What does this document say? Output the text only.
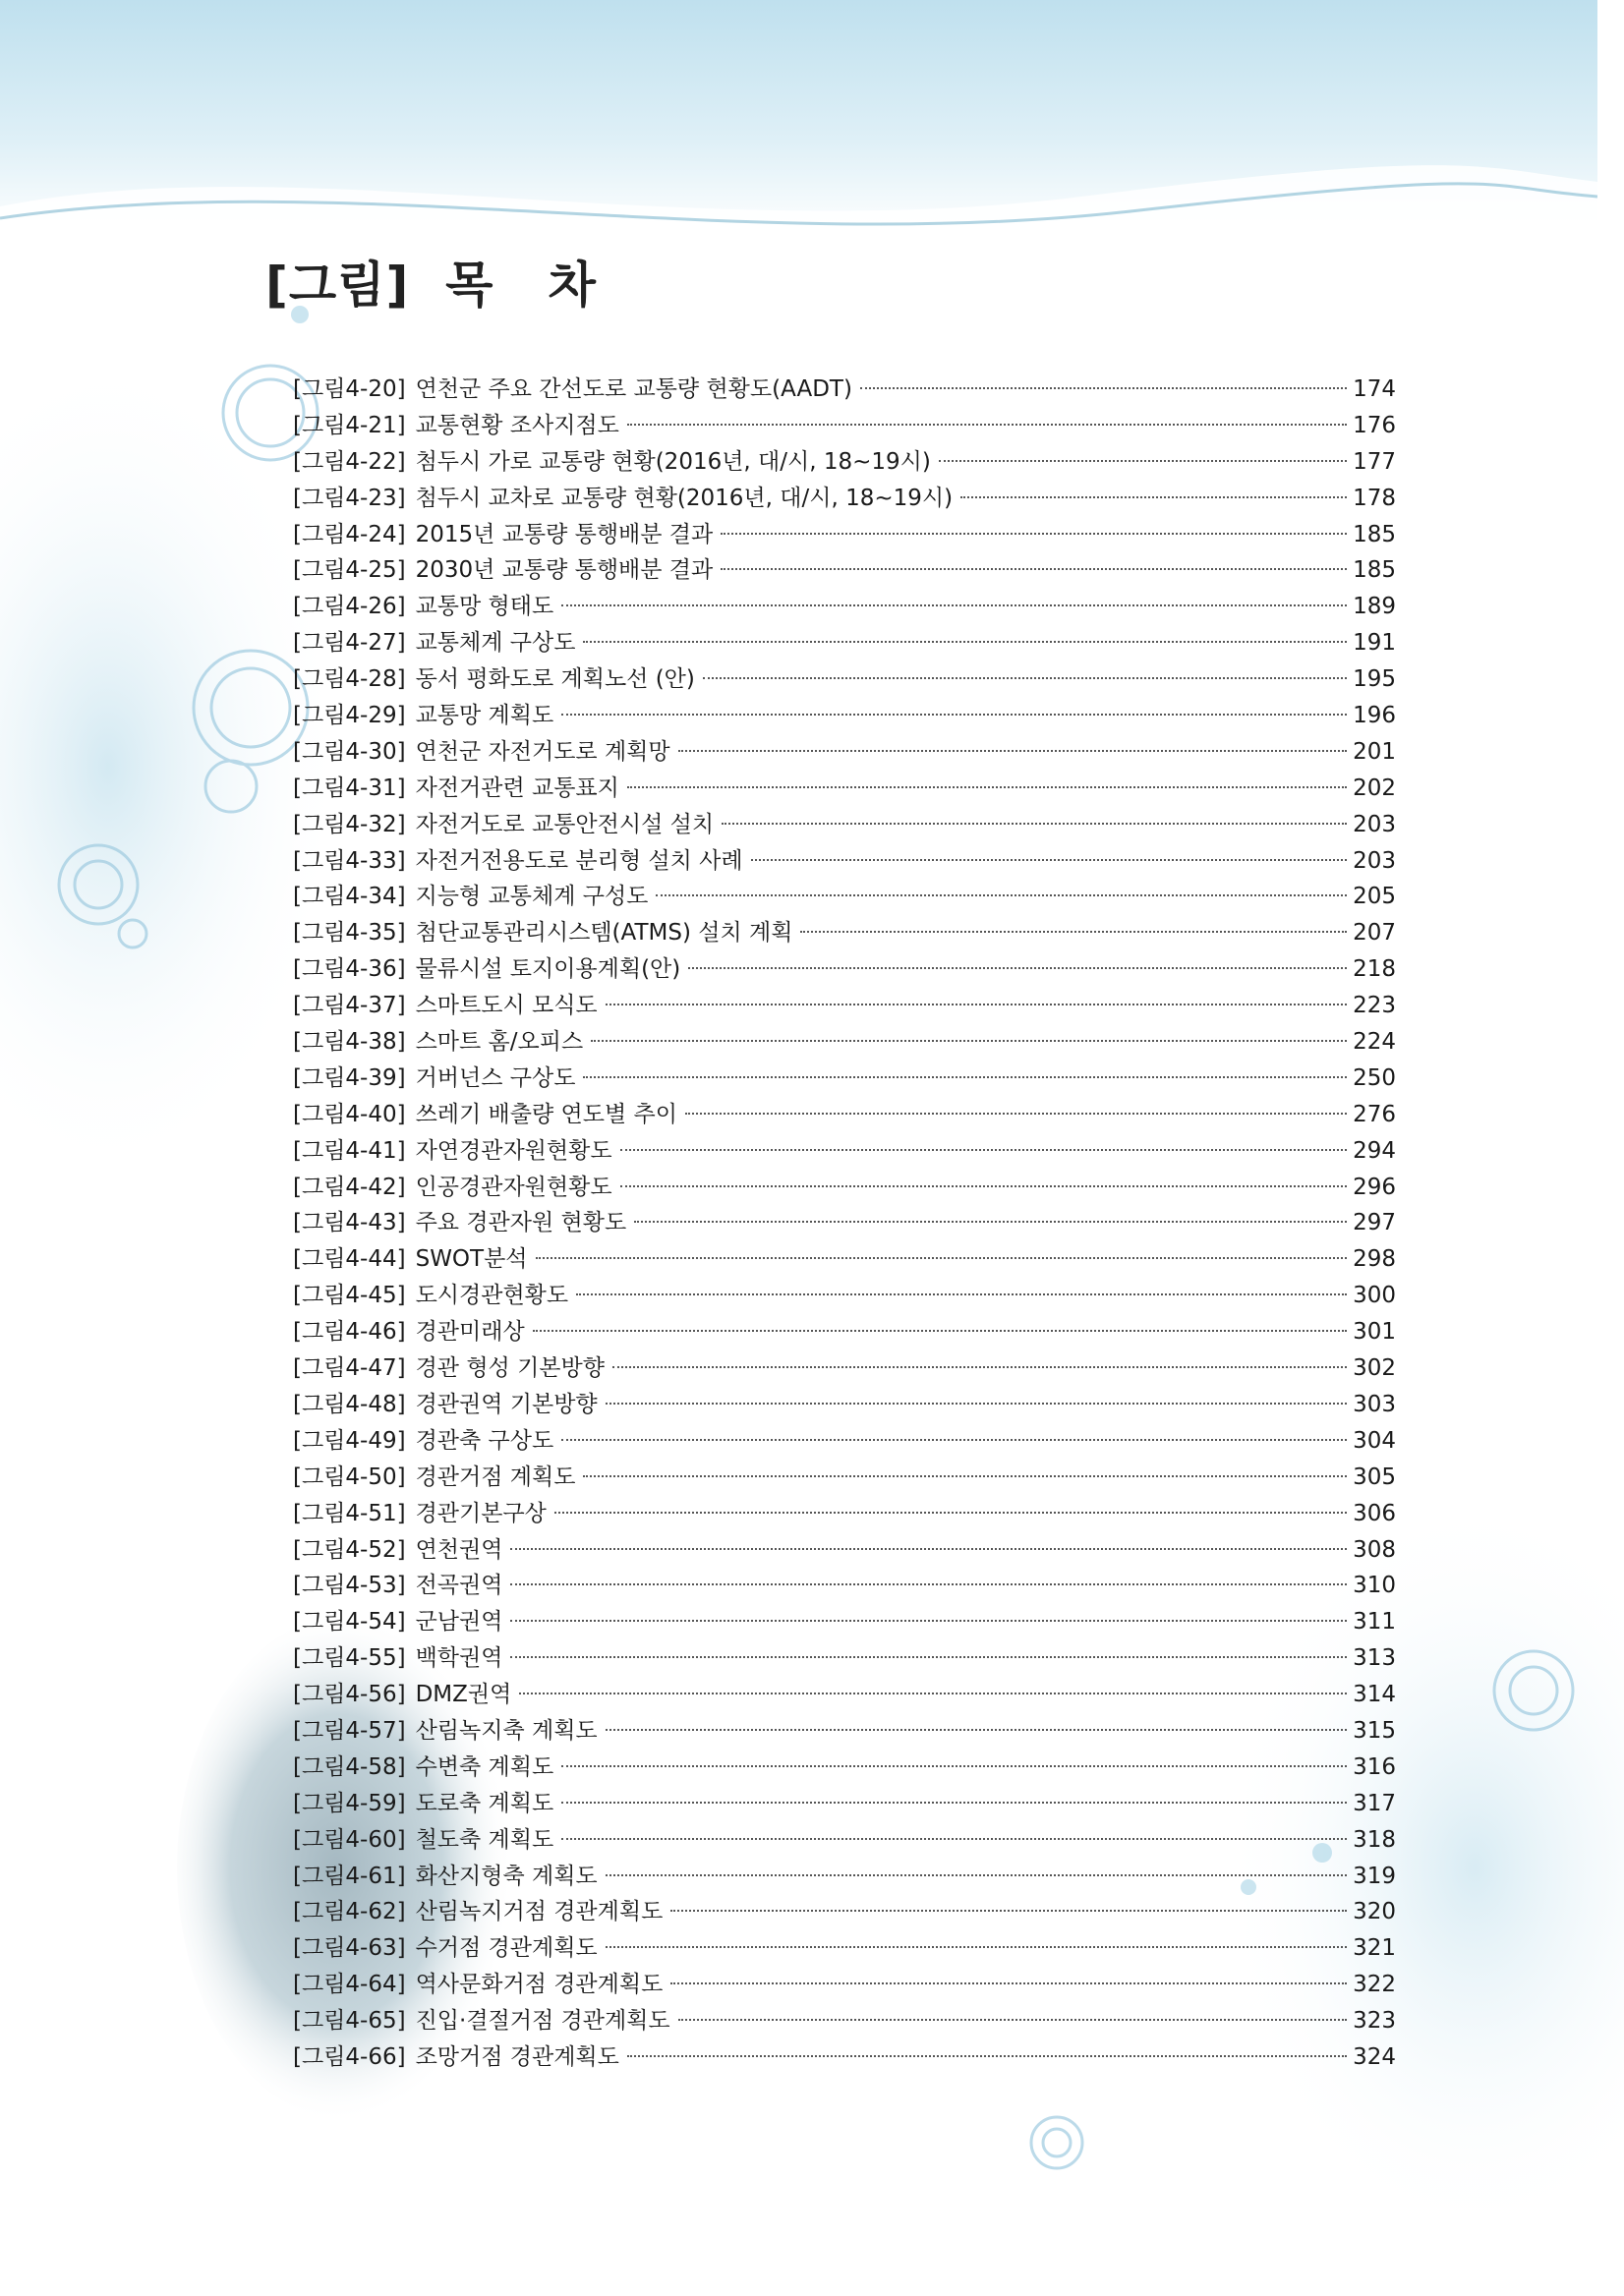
[그림]  목   차
[그림4-20] 연천군 주요 간선도로 교통량 현황도(AADT)	174
[그림4-21] 교통현황 조사지점도	176
[그림4-22] 첨두시 가로 교통량 현황(2016년, 대/시, 18~19시)	177
[그림4-23] 첨두시 교차로 교통량 현황(2016년, 대/시, 18~19시)	178
[그림4-24] 2015년 교통량 통행배분 결과	185
[그림4-25] 2030년 교통량 통행배분 결과	185
[그림4-26] 교통망 형태도	189
[그림4-27] 교통체계 구상도	191
[그림4-28] 동서 평화도로 계획노선 (안)	195
[그림4-29] 교통망 계획도	196
[그림4-30] 연천군 자전거도로 계획망	201
[그림4-31] 자전거관련 교통표지	202
[그림4-32] 자전거도로 교통안전시설 설치	203
[그림4-33] 자전거전용도로 분리형 설치 사례	203
[그림4-34] 지능형 교통체계 구성도	205
[그림4-35] 첨단교통관리시스템(ATMS) 설치 계획	207
[그림4-36] 물류시설 토지이용계획(안)	218
[그림4-37] 스마트도시 모식도	223
[그림4-38] 스마트 홈/오피스	224
[그림4-39] 거버넌스 구상도	250
[그림4-40] 쓰레기 배출량 연도별 추이	276
[그림4-41] 자연경관자원현황도	294
[그림4-42] 인공경관자원현황도	296
[그림4-43] 주요 경관자원 현황도	297
[그림4-44] SWOT분석	298
[그림4-45] 도시경관현황도	300
[그림4-46] 경관미래상	301
[그림4-47] 경관 형성 기본방향	302
[그림4-48] 경관권역 기본방향	303
[그림4-49] 경관축 구상도	304
[그림4-50] 경관거점 계획도	305
[그림4-51] 경관기본구상	306
[그림4-52] 연천권역	308
[그림4-53] 전곡권역	310
[그림4-54] 군남권역	311
[그림4-55] 백학권역	313
[그림4-56] DMZ권역	314
[그림4-57] 산림녹지축 계획도	315
[그림4-58] 수변축 계획도	316
[그림4-59] 도로축 계획도	317
[그림4-60] 철도축 계획도	318
[그림4-61] 화산지형축 계획도	319
[그림4-62] 산림녹지거점 경관계획도	320
[그림4-63] 수거점 경관계획도	321
[그림4-64] 역사문화거점 경관계획도	322
[그림4-65] 진입·결절거점 경관계획도	323
[그림4-66] 조망거점 경관계획도	324
